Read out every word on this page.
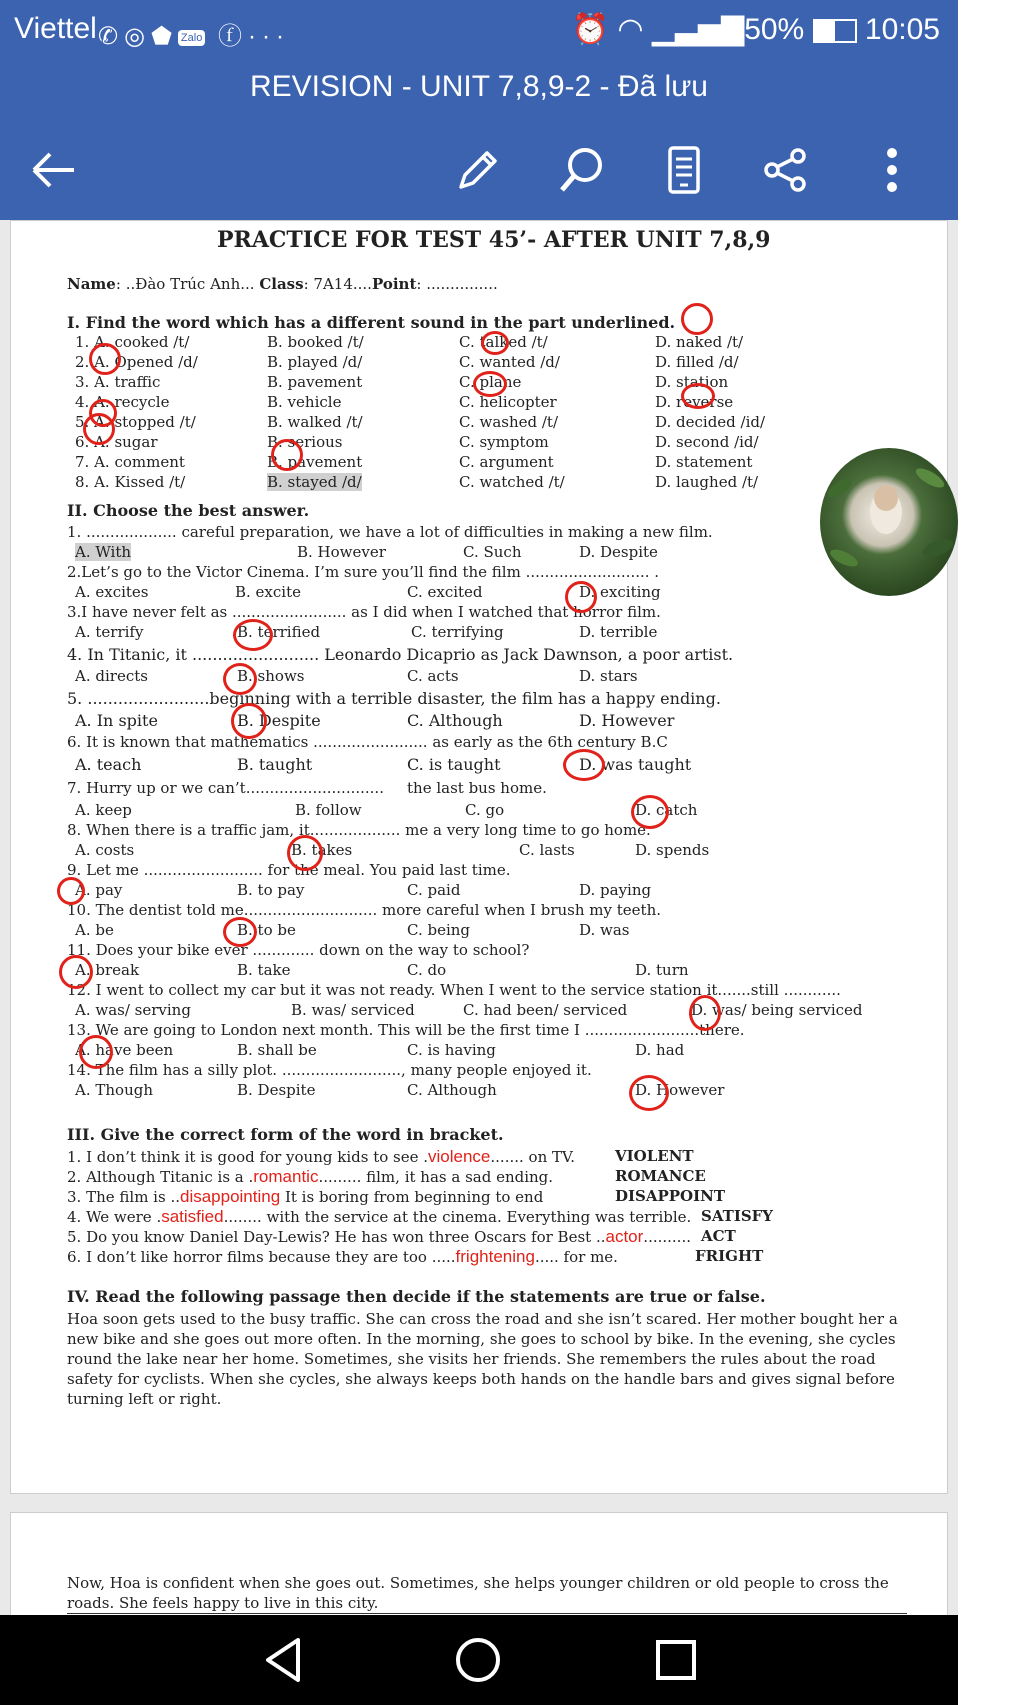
Viettel ✆◎⬟ Zalo ⓕ···	⏰ ◠ ▁▃▅▇50% 10:05
REVISION - UNIT 7,8,9-2 - Đã lưu
PRACTICE FOR TEST 45’- AFTER UNIT 7,8,9
Name: ..Đào Trúc Anh... Class: 7A14....Point: ...............
I. Find the word which has a different sound in the part underlined.
1. A. cooked /t/	B. booked /t/	C. talked /t/	D. naked /t/
2. A. Opened /d/	B. played /d/	C. wanted /d/	D. filled /d/
3. A. traffic	B. pavement	C. plane	D. station
4. A. recycle	B. vehicle	C. helicopter	D. reverse
5. A. stopped /t/	B. walked /t/	C. washed /t/	D. decided /id/
6. A. sugar	B. serious	C. symptom	D. second /id/
7. A. comment	B. pavement	C. argument	D. statement
8. A. Kissed /t/	B. stayed /d/	C. watched /t/	D. laughed /t/
II. Choose the best answer.
1. ................... careful preparation, we have a lot of difficulties in making a new film.
A. With	B. However	C. Such	D. Despite
2.Let’s go to the Victor Cinema. I’m sure you’ll find the film .......................... .
A. excites	B. excite	C. excited	D. exciting
3.I have never felt as ........................ as I did when I watched that horror film.
A. terrify	B. terrified	C. terrifying	D. terrible
4. In Titanic, it ......................... Leonardo Dicaprio as Jack Dawnson, a poor artist.
A. directs	B. shows	C. acts	D. stars
5. ........................beginning with a terrible disaster, the film has a happy ending.
A. In spite	B. Despite	C. Although	D. However
6. It is known that mathematics ........................ as early as the 6th century B.C
A. teach	B. taught	C. is taught	D. was taught
7. Hurry up or we can’t............................. the last bus home.
A. keep	B. follow	C. go	D. catch
8. When there is a traffic jam, it................... me a very long time to go home.
A. costs	B. takes	C. lasts	D. spends
9. Let me ......................... for the meal. You paid last time.
A. pay	B. to pay	C. paid	D. paying
10. The dentist told me............................ more careful when I brush my teeth.
A. be	B. to be	C. being	D. was
11. Does your bike ever ............. down on the way to school?
A. break	B. take	C. do	D. turn
12. I went to collect my car but it was not ready. When I went to the service station it.......still ............
A. was/ serving	B. was/ serviced	C. had been/ serviced	D. was/ being serviced
13. We are going to London next month. This will be the first time I ........................there.
A. have been	B. shall be	C. is having	D. had
14. The film has a silly plot. ........................., many people enjoyed it.
A. Though	B. Despite	C. Although	D. However
III. Give the correct form of the word in bracket.
1. I don’t think it is good for young kids to see .violence....... on TV.	VIOLENT
2. Although Titanic is a .romantic......... film, it has a sad ending.	ROMANCE
3. The film is ..disappointing It is boring from beginning to end	DISAPPOINT
4. We were .satisfied........ with the service at the cinema. Everything was terrible. SATISFY
5. Do you know Daniel Day-Lewis? He has won three Oscars for Best ..actor.......... ACT
6. I don’t like horror films because they are too .....frightening..... for me.	FRIGHT
IV. Read the following passage then decide if the statements are true or false.
Hoa soon gets used to the busy traffic. She can cross the road and she isn’t scared. Her mother bought her a new bike and she goes out more often. In the morning, she goes to school by bike. In the evening, she cycles round the lake near her home. Sometimes, she visits her friends. She remembers the rules about the road safety for cyclists. When she cycles, she always keeps both hands on the handle bars and gives signal before turning left or right.
Now, Hoa is confident when she goes out. Sometimes, she helps younger children or old people to cross the roads. She feels happy to live in this city.
